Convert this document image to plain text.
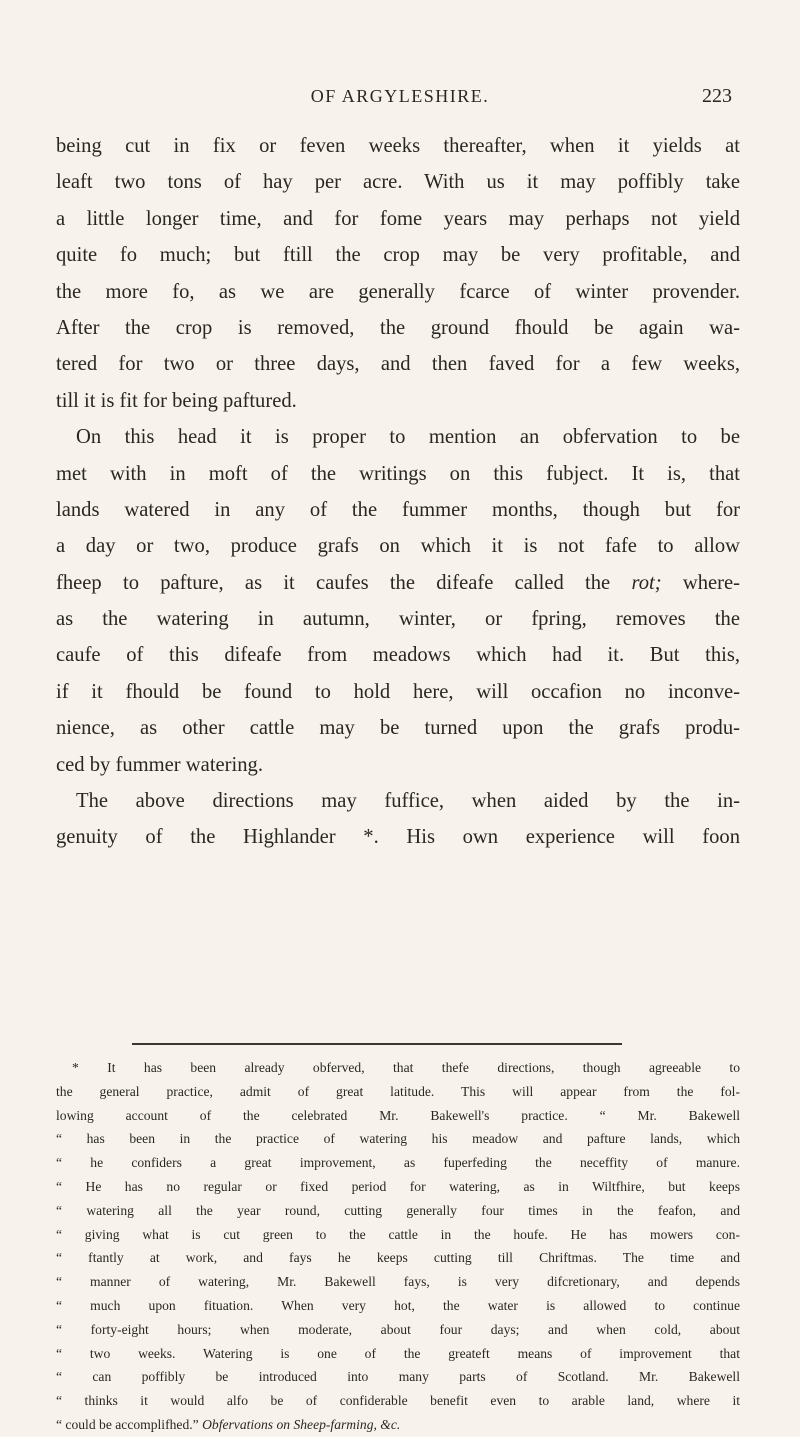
OF ARGYLESHIRE.	223
being cut in fix or feven weeks thereafter, when it yields at
leaft two tons of hay per acre. With us it may poffibly take
a little longer time, and for fome years may perhaps not yield
quite fo much; but ftill the crop may be very profitable, and
the more fo, as we are generally fcarce of winter provender.
After the crop is removed, the ground fhould be again wa-
tered for two or three days, and then faved for a few weeks,
till it is fit for being paftured.
On this head it is proper to mention an obfervation to be
met with in moft of the writings on this fubject. It is, that
lands watered in any of the fummer months, though but for
a day or two, produce grafs on which it is not fafe to allow
fheep to pafture, as it caufes the difeafe called the rot; where-
as the watering in autumn, winter, or fpring, removes the
caufe of this difeafe from meadows which had it. But this,
if it fhould be found to hold here, will occafion no inconve-
nience, as other cattle may be turned upon the grafs produ-
ced by fummer watering.
The above directions may fuffice, when aided by the in-
genuity of the Highlander *. His own experience will foon
* It has been already obferved, that thefe directions, though agreeable to
the general practice, admit of great latitude. This will appear from the fol-
lowing account of the celebrated Mr. Bakewell's practice. “ Mr. Bakewell
“ has been in the practice of watering his meadow and pafture lands, which
“ he confiders a great improvement, as fuperfeding the neceffity of manure.
“ He has no regular or fixed period for watering, as in Wiltfhire, but keeps
“ watering all the year round, cutting generally four times in the feafon, and
“ giving what is cut green to the cattle in the houfe. He has mowers con-
“ ftantly at work, and fays he keeps cutting till Chriftmas. The time and
“ manner of watering, Mr. Bakewell fays, is very difcretionary, and depends
“ much upon fituation. When very hot, the water is allowed to continue
“ forty-eight hours; when moderate, about four days; and when cold, about
“ two weeks. Watering is one of the greateft means of improvement that
“ can poffibly be introduced into many parts of Scotland. Mr. Bakewell
“ thinks it would alfo be of confiderable benefit even to arable land, where it
“ could be accomplifhed.” Obfervations on Sheep-farming, &c.
